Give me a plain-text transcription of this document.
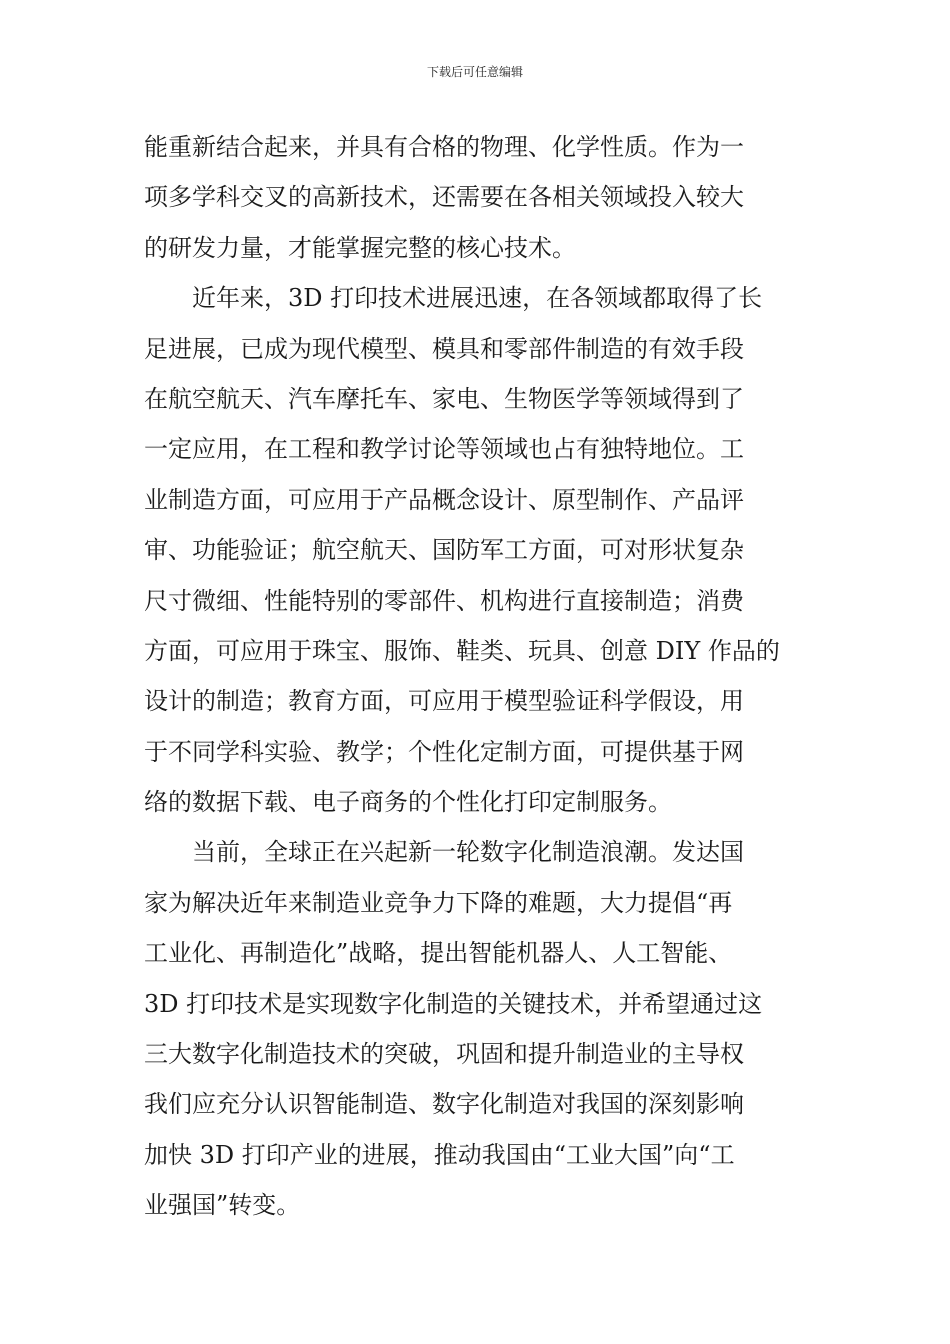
下载后可任意编辑
能重新结合起来，并具有合格的物理、化学性质。作为一
项多学科交叉的高新技术，还需要在各相关领域投入较大
的研发力量，才能掌握完整的核心技术。
近年来，3D 打印技术进展迅速，在各领域都取得了长
足进展，已成为现代模型、模具和零部件制造的有效手段
在航空航天、汽车摩托车、家电、生物医学等领域得到了
一定应用，在工程和教学讨论等领域也占有独特地位。工
业制造方面，可应用于产品概念设计、原型制作、产品评
审、功能验证；航空航天、国防军工方面，可对形状复杂
尺寸微细、性能特别的零部件、机构进行直接制造；消费
方面，可应用于珠宝、服饰、鞋类、玩具、创意 DIY 作品的
设计的制造；教育方面，可应用于模型验证科学假设，用
于不同学科实验、教学；个性化定制方面，可提供基于网
络的数据下载、电子商务的个性化打印定制服务。
当前，全球正在兴起新一轮数字化制造浪潮。发达国
家为解决近年来制造业竞争力下降的难题，大力提倡“再
工业化、再制造化”战略，提出智能机器人、人工智能、
3D 打印技术是实现数字化制造的关键技术，并希望通过这
三大数字化制造技术的突破，巩固和提升制造业的主导权
我们应充分认识智能制造、数字化制造对我国的深刻影响
加快 3D 打印产业的进展，推动我国由“工业大国”向“工
业强国”转变。
